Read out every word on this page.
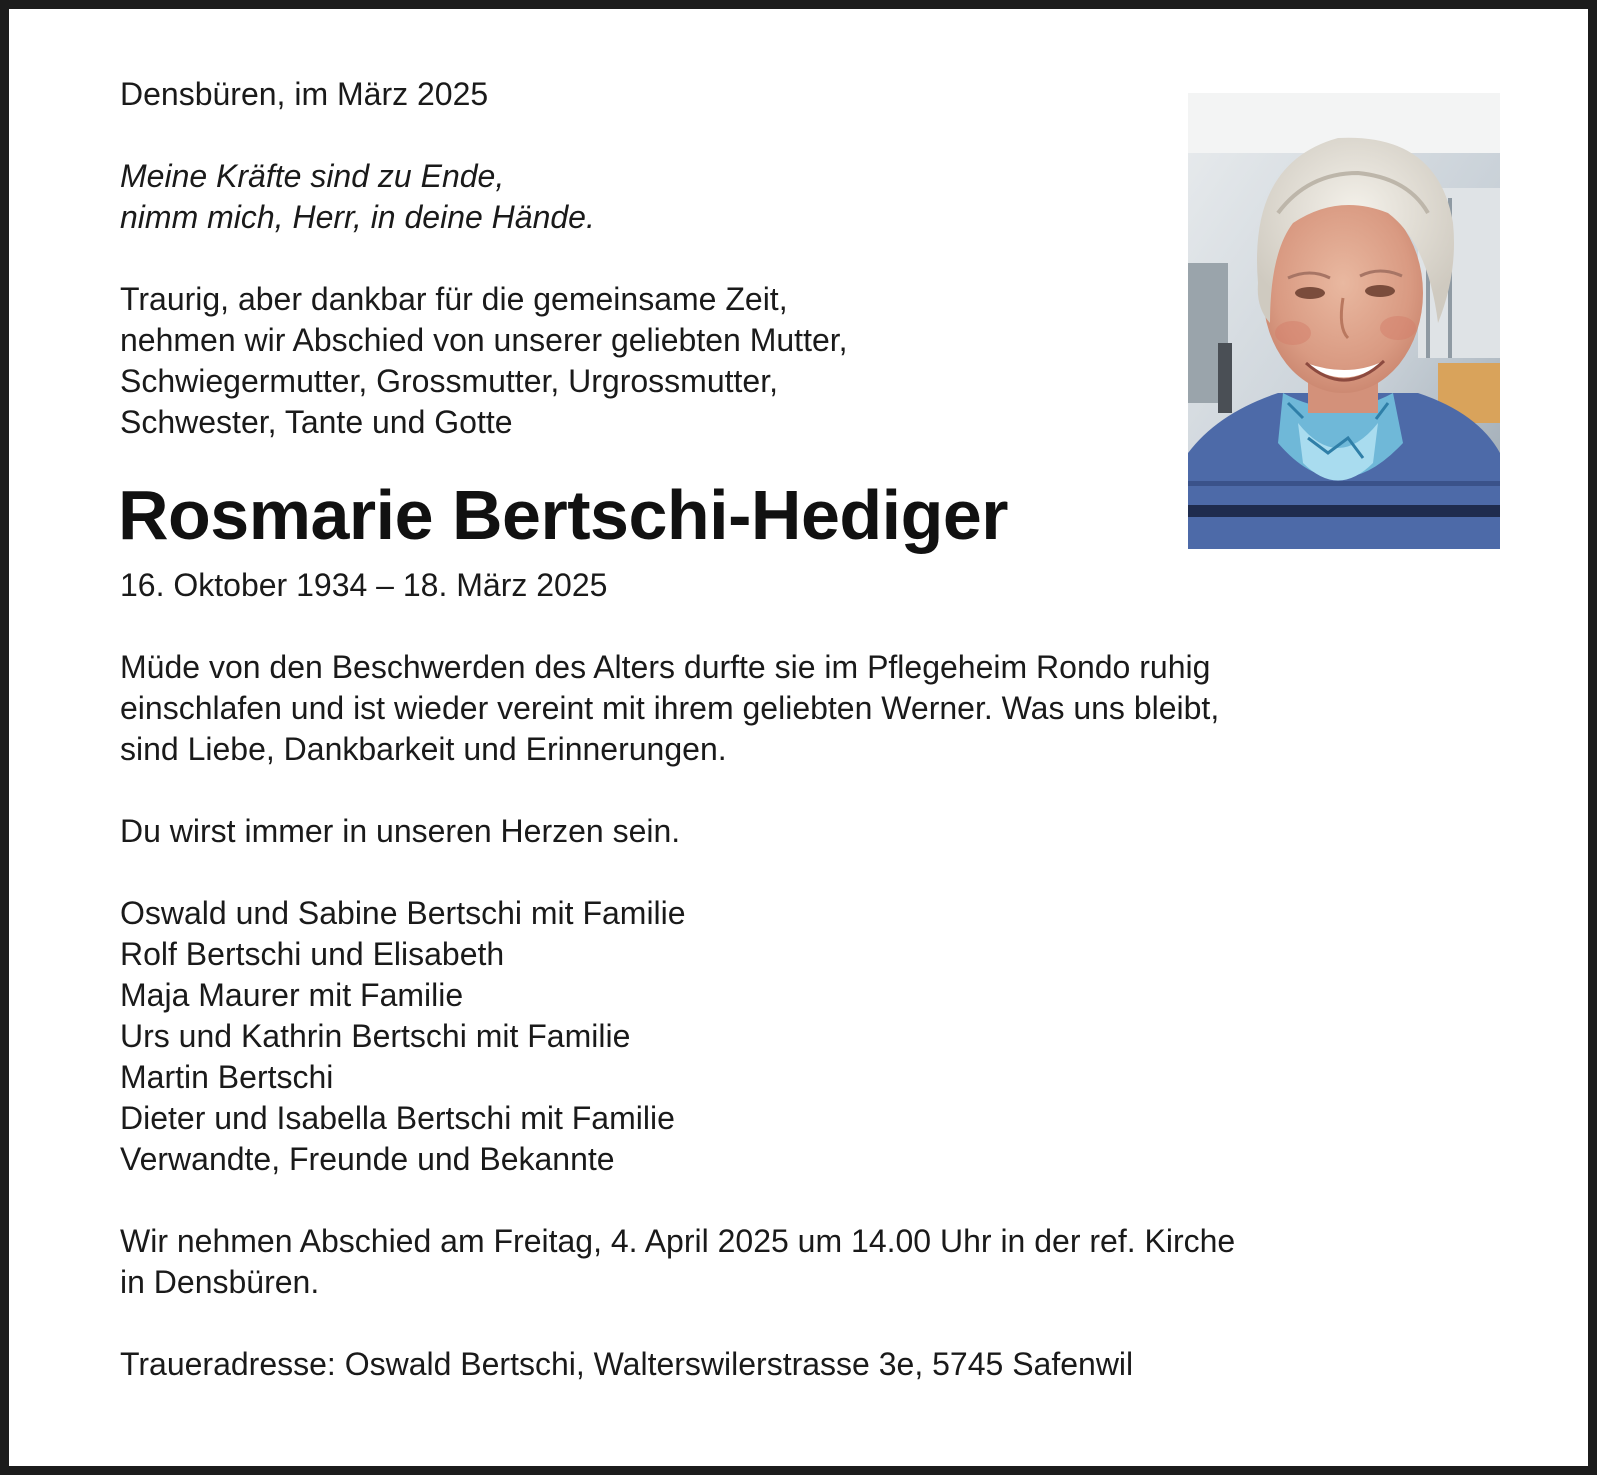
Densbüren, im März 2025

Meine Kräfte sind zu Ende,

nimm mich, Herr, in deine Hände.

Traurig, aber dankbar für die gemeinsame Zeit,

nehmen wir Abschied von unserer geliebten Mutter,

Schwiegermutter, Grossmutter, Urgrossmutter,

Schwester, Tante und Gotte

Rosmarie Bertschi-Hediger

16. Oktober 1934 – 18. März 2025

Müde von den Beschwerden des Alters durfte sie im Pflegeheim Rondo ruhig

einschlafen und ist wieder vereint mit ihrem geliebten Werner. Was uns bleibt,

sind Liebe, Dankbarkeit und Erinnerungen.

Du wirst immer in unseren Herzen sein.

Oswald und Sabine Bertschi mit Familie

Rolf Bertschi und Elisabeth

Maja Maurer mit Familie

Urs und Kathrin Bertschi mit Familie

Martin Bertschi

Dieter und Isabella Bertschi mit Familie

Verwandte, Freunde und Bekannte

Wir nehmen Abschied am Freitag, 4. April 2025 um 14.00 Uhr in der ref. Kirche

in Densbüren.

Traueradresse: Oswald Bertschi, Walterswilerstrasse 3e, 5745 Safenwil
